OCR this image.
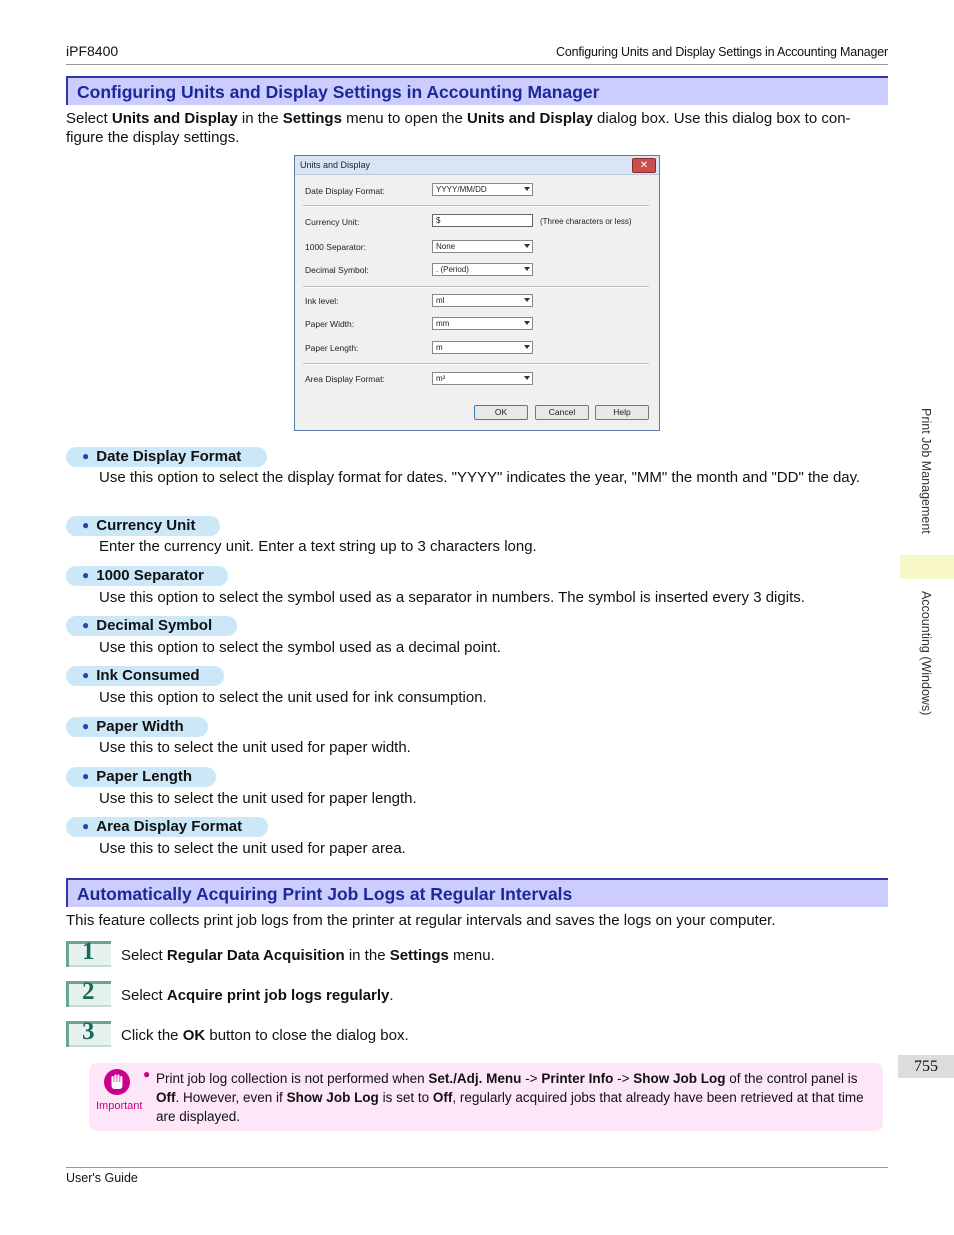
iPF8400	Configuring Units and Display Settings in Accounting Manager
Configuring Units and Display Settings in Accounting Manager
Select Units and Display in the Settings menu to open the Units and Display dialog box. Use this dialog box to con-figure the display settings.
Units and Display	✕
Date Display Format:	YYYY/MM/DD
Currency Unit:	$	(Three characters or less)
1000 Separator:	None
Decimal Symbol:	. (Period)
Ink level:	ml
Paper Width:	mm
Paper Length:	m
Area Display Format:	m²
OK	Cancel	Help
● Date Display Format
Use this option to select the display format for dates. "YYYY" indicates the year, "MM" the month and "DD" the day.
● Currency Unit
Enter the currency unit. Enter a text string up to 3 characters long.
● 1000 Separator
Use this option to select the symbol used as a separator in numbers. The symbol is inserted every 3 digits.
● Decimal Symbol
Use this option to select the symbol used as a decimal point.
● Ink Consumed
Use this option to select the unit used for ink consumption.
● Paper Width
Use this to select the unit used for paper width.
● Paper Length
Use this to select the unit used for paper length.
● Area Display Format
Use this to select the unit used for paper area.
Automatically Acquiring Print Job Logs at Regular Intervals
This feature collects print job logs from the printer at regular intervals and saves the logs on your computer.
1 Select Regular Data Acquisition in the Settings menu.
2 Select Acquire print job logs regularly.
3 Click the OK button to close the dialog box.
Important
● Print job log collection is not performed when Set./Adj. Menu -> Printer Info -> Show Job Log of the control panel is Off. However, even if Show Job Log is set to Off, regularly acquired jobs that already have been retrieved at that time are displayed.
Print Job Management
Accounting (Windows)
755
User's Guide
